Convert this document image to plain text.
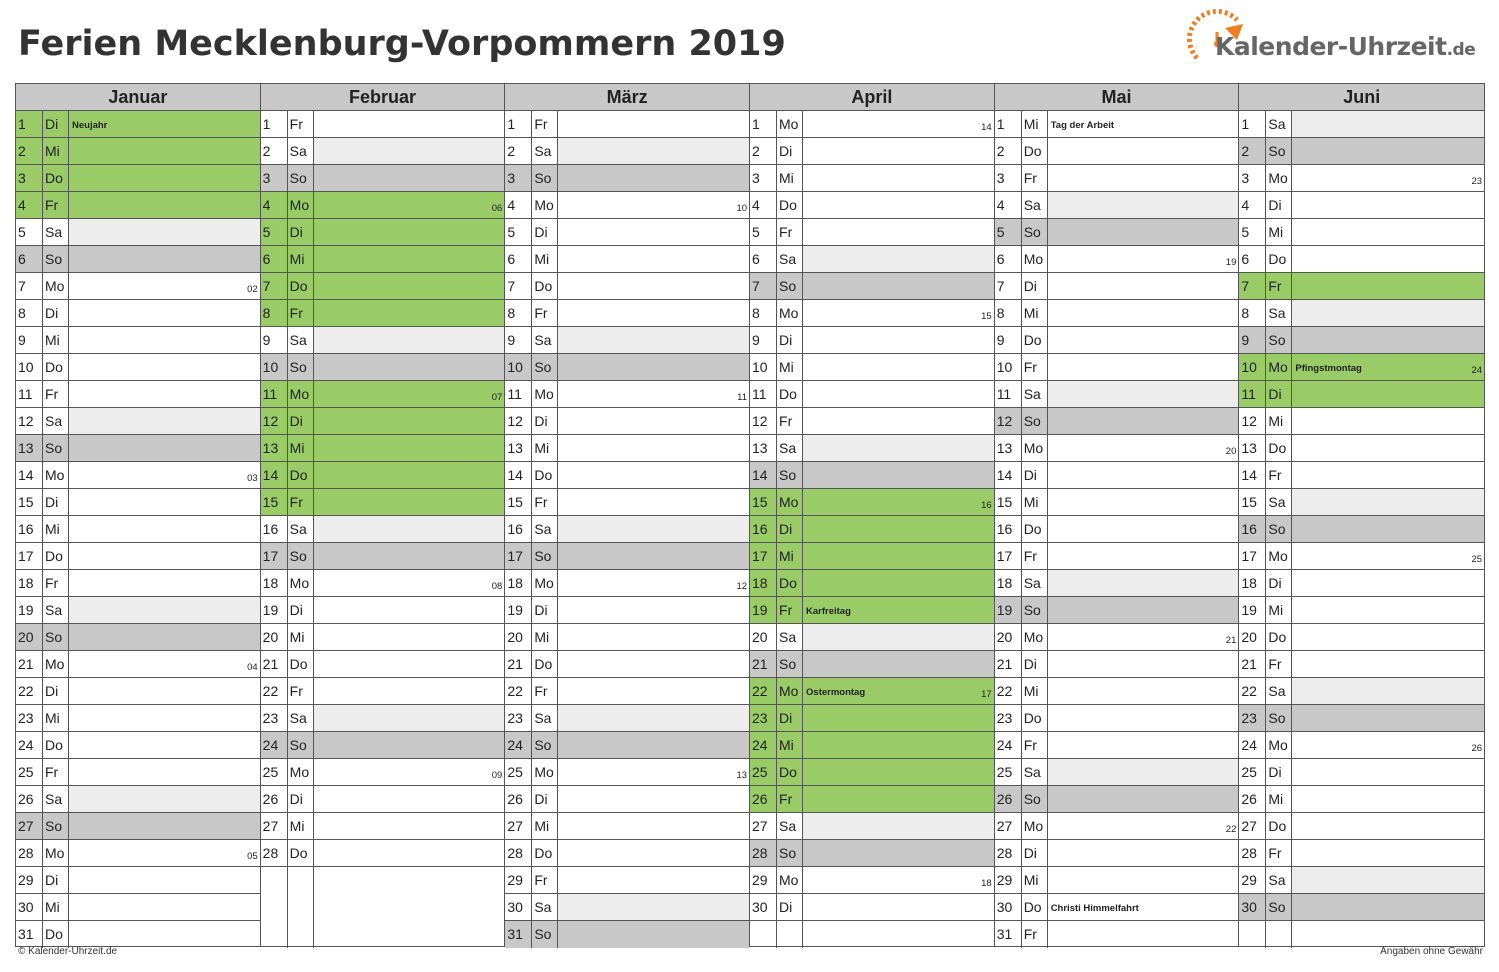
Ferien Mecklenburg-Vorpommern 2019	Kalender-Uhrzeit.de
Januar
1	Di	Neujahr
2	Mi
3	Do
4	Fr
5	Sa
6	So
7	Mo	02
8	Di
9	Mi
10 Do
11 Fr
12 Sa
13 So
14 Mo	03
15 Di
16 Mi
17 Do
18 Fr
19 Sa
20 So
21 Mo	04
22 Di
23 Mi
24 Do
25 Fr
26 Sa
27 So
28 Mo	05
29 Di
30 Mi
31 Do
Februar
1	Fr
2	Sa
3	So
4	Mo	06
5	Di
6	Mi
7	Do
8	Fr
9	Sa
10 So
11 Mo	07
12 Di
13 Mi
14 Do
15 Fr
16 Sa
17 So
18 Mo	08
19 Di
20 Mi
21 Do
22 Fr
23 Sa
24 So
25 Mo	09
26 Di
27 Mi
28 Do
März
1	Fr
2	Sa
3	So
4	Mo	10
5	Di
6	Mi
7	Do
8	Fr
9	Sa
10 So
11 Mo	11
12 Di
13 Mi
14 Do
15 Fr
16 Sa
17 So
18 Mo	12
19 Di
20 Mi
21 Do
22 Fr
23 Sa
24 So
25 Mo	13
26 Di
27 Mi
28 Do
29 Fr
30 Sa
31 So
April
1	Mo	14
2	Di
3	Mi
4	Do
5	Fr
6	Sa
7	So
8	Mo	15
9	Di
10 Mi
11 Do
12 Fr
13 Sa
14 So
15 Mo	16
16 Di
17 Mi
18 Do
19 Fr	Karfreitag
20 Sa
21 So
22 Mo Ostermontag	17
23 Di
24 Mi
25 Do
26 Fr
27 Sa
28 So
29 Mo	18
30 Di
Mai
1	Mi	Tag der Arbeit
2	Do
3	Fr
4	Sa
5	So
6	Mo	19
7	Di
8	Mi
9	Do
10 Fr
11 Sa
12 So
13 Mo	20
14 Di
15 Mi
16 Do
17 Fr
18 Sa
19 So
20 Mo	21
21 Di
22 Mi
23 Do
24 Fr
25 Sa
26 So
27 Mo	22
28 Di
29 Mi
30 Do Christi Himmelfahrt
31 Fr
Juni
1	Sa
2	So
3	Mo	23
4	Di
5	Mi
6	Do
7	Fr
8	Sa
9	So
10 Mo Pfingstmontag	24
11 Di
12 Mi
13 Do
14 Fr
15 Sa
16 So
17 Mo	25
18 Di
19 Mi
20 Do
21 Fr
22 Sa
23 So
24 Mo	26
25 Di
26 Mi
27 Do
28 Fr
29 Sa
30 So
© Kalender-Uhrzeit.de	Angaben ohne Gewähr
